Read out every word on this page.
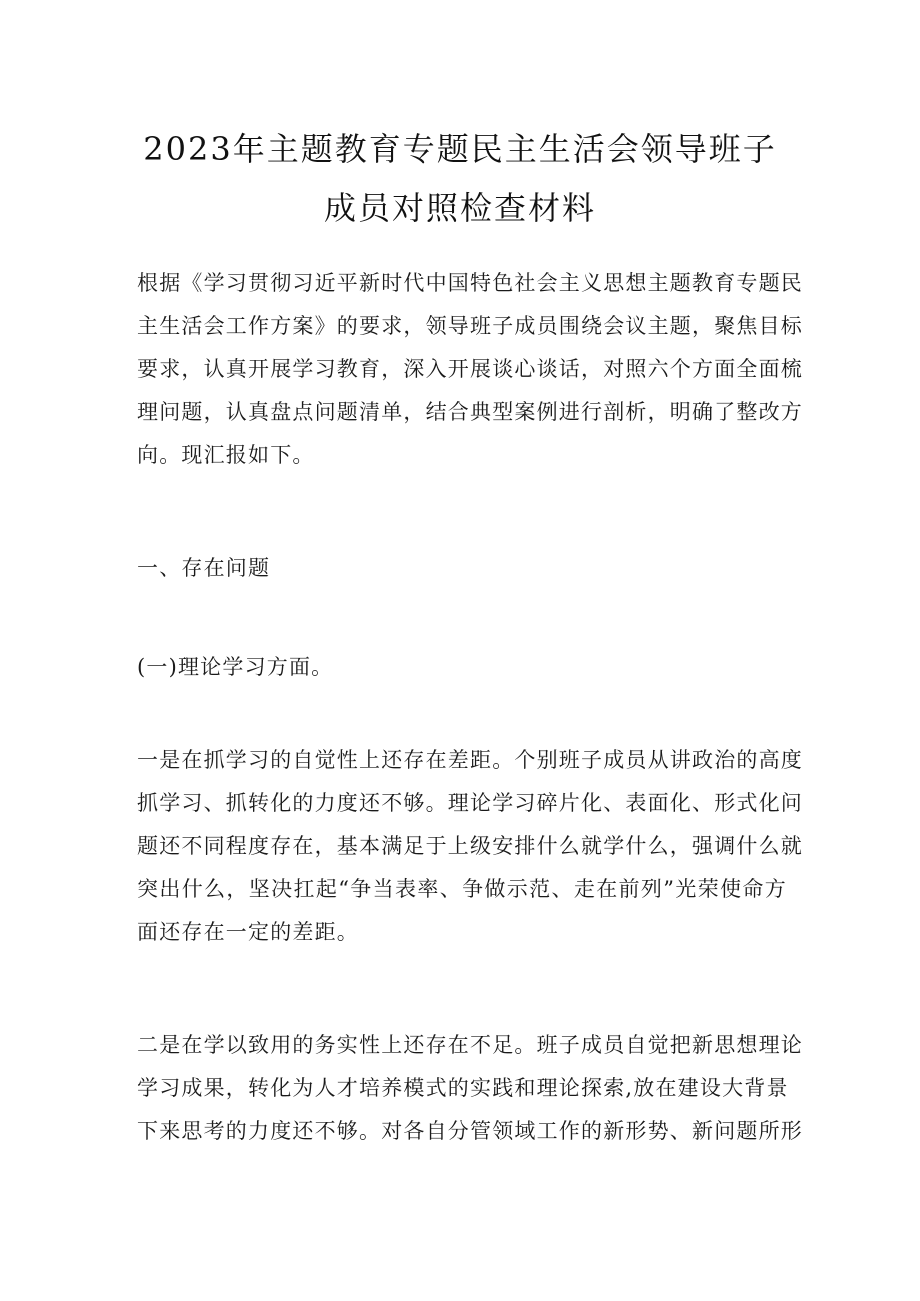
2023年主题教育专题民主生活会领导班子
成员对照检查材料
根据《学习贯彻习近平新时代中国特色社会主义思想主题教育专题民
主生活会工作方案》的要求，领导班子成员围绕会议主题，聚焦目标
要求，认真开展学习教育，深入开展谈心谈话，对照六个方面全面梳
理问题，认真盘点问题清单，结合典型案例进行剖析，明确了整改方
向。现汇报如下。
一、存在问题
(一)理论学习方面。
一是在抓学习的自觉性上还存在差距。个别班子成员从讲政治的高度
抓学习、抓转化的力度还不够。理论学习碎片化、表面化、形式化问
题还不同程度存在，基本满足于上级安排什么就学什么，强调什么就
突出什么，坚决扛起“争当表率、争做示范、走在前列”光荣使命方
面还存在一定的差距。
二是在学以致用的务实性上还存在不足。班子成员自觉把新思想理论
学习成果，转化为人才培养模式的实践和理论探索,放在建设大背景
下来思考的力度还不够。对各自分管领域工作的新形势、新问题所形
